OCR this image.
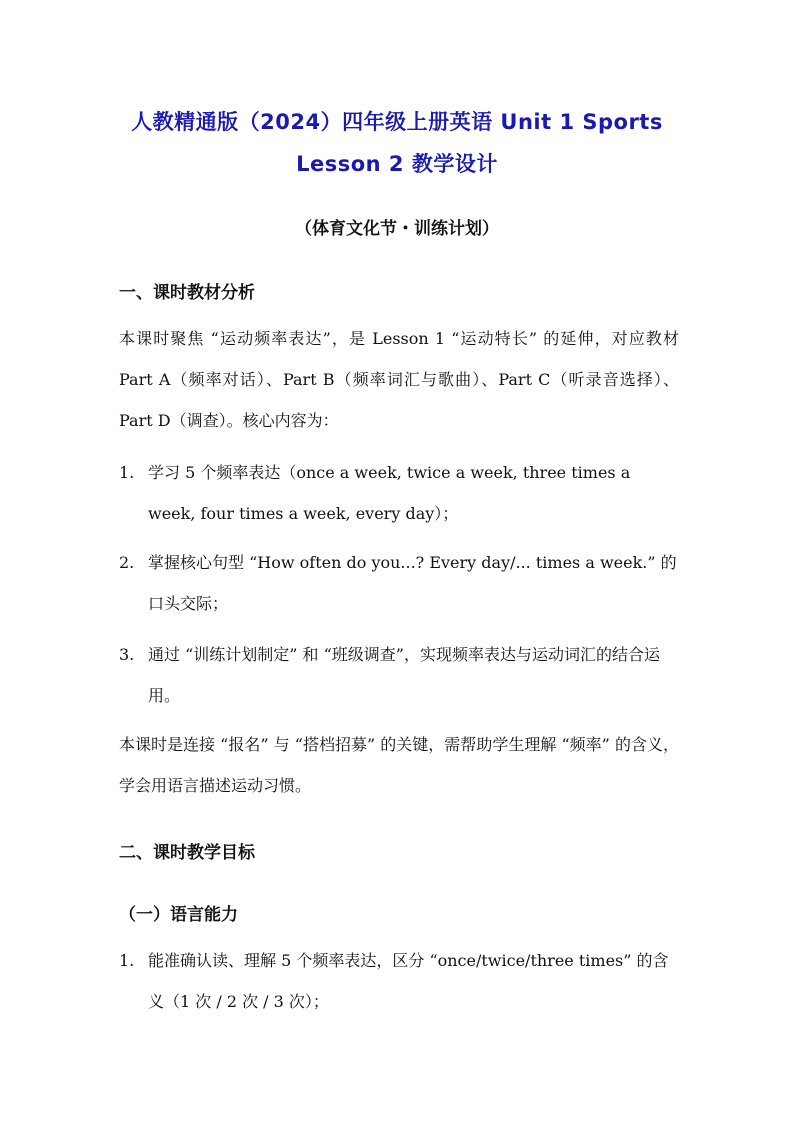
人教精通版（2024）四年级上册英语 Unit 1 Sports
Lesson 2 教学设计
（体育文化节・训练计划）
一、课时教材分析
本课时聚焦 “运动频率表达”，是 Lesson 1 “运动特长” 的延伸，对应教材 Part A（频率对话）、Part B（频率词汇与歌曲）、Part C（听录音选择）、Part D（调查）。核心内容为：
1. 学习 5 个频率表达（once a week, twice a week, three times a week, four times a week, every day）；
2. 掌握核心句型 “How often do you...? Every day/... times a week.” 的口头交际；
3. 通过 “训练计划制定” 和 “班级调查”，实现频率表达与运动词汇的结合运用。
本课时是连接 “报名” 与 “搭档招募” 的关键，需帮助学生理解 “频率” 的含义，学会用语言描述运动习惯。
二、课时教学目标
（一）语言能力
1. 能准确认读、理解 5 个频率表达，区分 “once/twice/three times” 的含义（1 次 / 2 次 / 3 次）；
